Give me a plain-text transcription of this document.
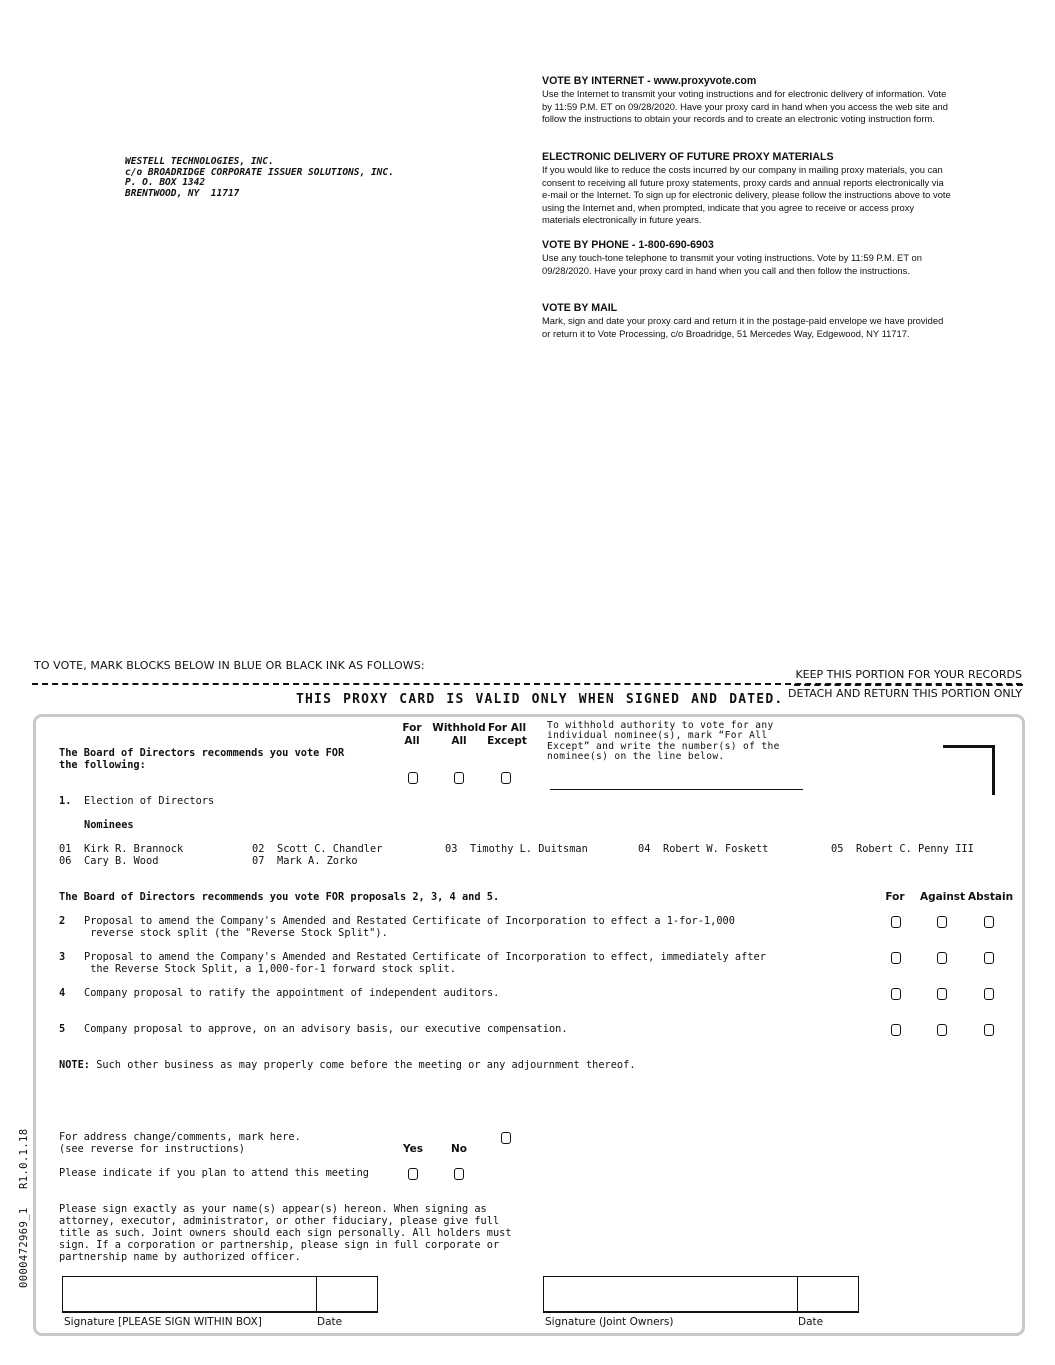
WESTELL TECHNOLOGIES, INC.
c/o BROADRIDGE CORPORATE ISSUER SOLUTIONS, INC.
P. O. BOX 1342
BRENTWOOD, NY  11717
VOTE BY INTERNET - www.proxyvote.com

Use the Internet to transmit your voting instructions and for electronic delivery of information. Vote by 11:59 P.M. ET on 09/28/2020. Have your proxy card in hand when you access the web site and follow the instructions to obtain your records and to create an electronic voting instruction form.

ELECTRONIC DELIVERY OF FUTURE PROXY MATERIALS

If you would like to reduce the costs incurred by our company in mailing proxy materials, you can consent to receiving all future proxy statements, proxy cards and annual reports electronically via e-mail or the Internet. To sign up for electronic delivery, please follow the instructions above to vote using the Internet and, when prompted, indicate that you agree to receive or access proxy materials electronically in future years.

VOTE BY PHONE - 1-800-690-6903

Use any touch-tone telephone to transmit your voting instructions. Vote by 11:59 P.M. ET on 09/28/2020. Have your proxy card in hand when you call and then follow the instructions.

VOTE BY MAIL

Mark, sign and date your proxy card and return it in the postage-paid envelope we have provided or return it to Vote Processing, c/o Broadridge, 51 Mercedes Way, Edgewood, NY 11717.

TO VOTE, MARK BLOCKS BELOW IN BLUE OR BLACK INK AS FOLLOWS:
KEEP THIS PORTION FOR YOUR RECORDS
DETACH AND RETURN THIS PORTION ONLY
THIS PROXY CARD IS VALID ONLY WHEN SIGNED AND DATED.
For
All
Withhold
All
For All
Except
To withhold authority to vote for any
individual nominee(s), mark “For All
Except” and write the number(s) of the
nominee(s) on the line below.
The Board of Directors recommends you vote FOR
the following:
1. Election of Directors
Nominees
01 Kirk R. Brannock	02 Scott C. Chandler	03 Timothy L. Duitsman	04 Robert W. Foskett	05 Robert C. Penny III
06 Cary B. Wood	07 Mark A. Zorko
The Board of Directors recommends you vote FOR proposals 2, 3, 4 and 5.	For	Against Abstain
2 Proposal to amend the Company's Amended and Restated Certificate of Incorporation to effect a 1-for-1,000
reverse stock split (the "Reverse Stock Split").
3 Proposal to amend the Company's Amended and Restated Certificate of Incorporation to effect, immediately after
the Reverse Stock Split, a 1,000-for-1 forward stock split.
4 Company proposal to ratify the appointment of independent auditors.
5 Company proposal to approve, on an advisory basis, our executive compensation.
NOTE: Such other business as may properly come before the meeting or any adjournment thereof.
For address change/comments, mark here.
(see reverse for instructions)	Yes	No
Please indicate if you plan to attend this meeting
Please sign exactly as your name(s) appear(s) hereon. When signing as
attorney, executor, administrator, or other fiduciary, please give full
title as such. Joint owners should each sign personally. All holders must
sign. If a corporation or partnership, please sign in full corporate or
partnership name by authorized officer.
Signature [PLEASE SIGN WITHIN BOX]	Date	Signature (Joint Owners)	Date
0000472969_1
R1.0.1.18
